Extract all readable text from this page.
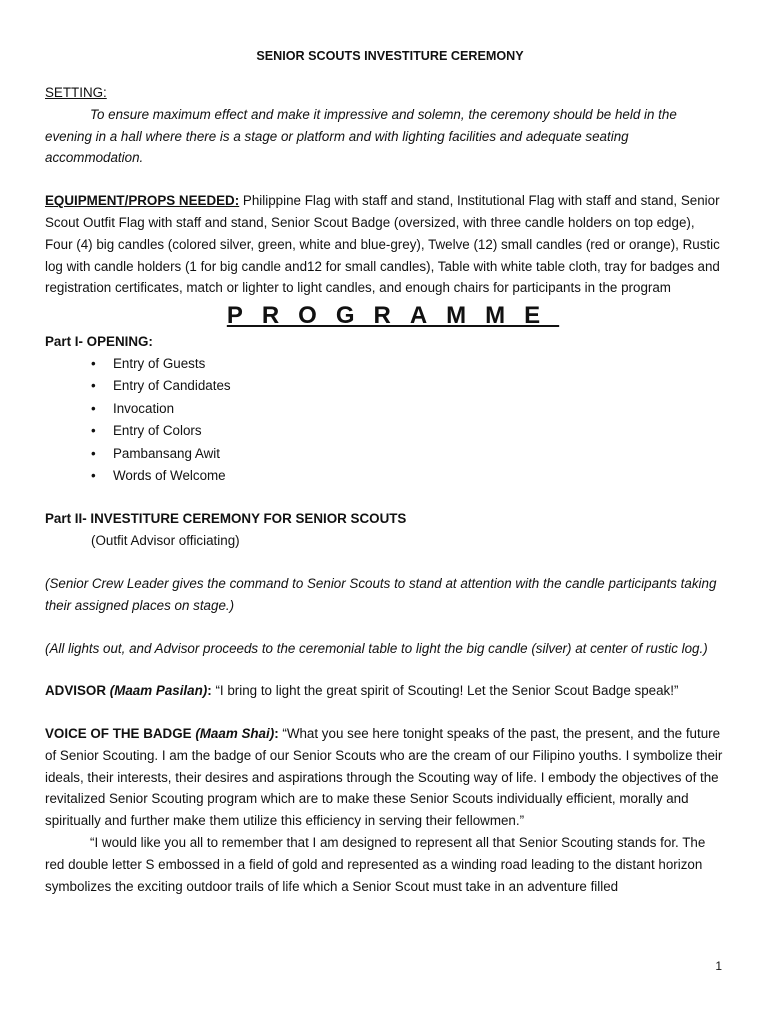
SENIOR SCOUTS INVESTITURE CEREMONY
SETTING:

To ensure maximum effect and make it impressive and solemn, the ceremony should be held in the evening in a hall where there is a stage or platform and with lighting facilities and adequate seating accommodation.

EQUIPMENT/PROPS NEEDED: Philippine Flag with staff and stand, Institutional Flag with staff and stand, Senior Scout Outfit Flag with staff and stand, Senior Scout Badge (oversized, with three candle holders on top edge), Four (4) big candles (colored silver, green, white and blue-grey), Twelve (12) small candles (red or orange), Rustic log with candle holders (1 for big candle and12 for small candles), Table with white table cloth, tray for badges and registration certificates, match or lighter to light candles, and enough chairs for participants in the program

PROGRAMME
Part I- OPENING:
• Entry of Guests
• Entry of Candidates
• Invocation
• Entry of Colors
• Pambansang Awit
• Words of Welcome
Part II- INVESTITURE CEREMONY FOR SENIOR SCOUTS
(Outfit Advisor officiating)

(Senior Crew Leader gives the command to Senior Scouts to stand at attention with the candle participants taking their assigned places on stage.)

(All lights out, and Advisor proceeds to the ceremonial table to light the big candle (silver) at center of rustic log.)

ADVISOR (Maam Pasilan): “I bring to light the great spirit of Scouting! Let the Senior Scout Badge speak!”

VOICE OF THE BADGE (Maam Shai): “What you see here tonight speaks of the past, the present, and the future of Senior Scouting. I am the badge of our Senior Scouts who are the cream of our Filipino youths. I symbolize their ideals, their interests, their desires and aspirations through the Scouting way of life. I embody the objectives of the revitalized Senior Scouting program which are to make these Senior Scouts individually efficient, morally and spiritually and further make them utilize this efficiency in serving their fellowmen.”

“I would like you all to remember that I am designed to represent all that Senior Scouting stands for. The red double letter S embossed in a field of gold and represented as a winding road leading to the distant horizon symbolizes the exciting outdoor trails of life which a Senior Scout must take in an adventure filled

1
